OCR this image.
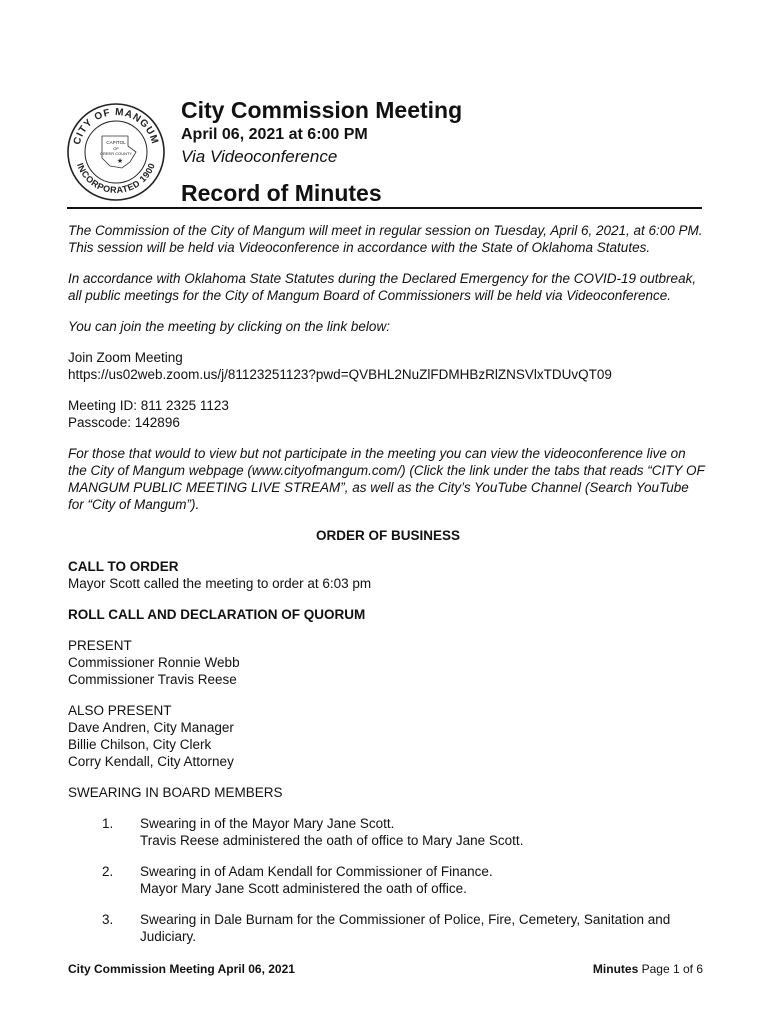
CITY OF MANGUM
INCORPORATED 1900
CAPITOL
OF
GREER COUNTY
★

City Commission Meeting

April 06, 2021 at 6:00 PM

Via Videoconference

Record of Minutes

The Commission of the City of Mangum will meet in regular session on Tuesday, April 6, 2021, at 6:00 PM. This session will be held via Videoconference in accordance with the State of Oklahoma Statutes.

In accordance with Oklahoma State Statutes during the Declared Emergency for the COVID-19 outbreak, all public meetings for the City of Mangum Board of Commissioners will be held via Videoconference.

You can join the meeting by clicking on the link below:

Join Zoom Meeting
https://us02web.zoom.us/j/81123251123?pwd=QVBHL2NuZlFDMHBzRlZNSVlxTDUvQT09

Meeting ID: 811 2325 1123
Passcode: 142896

For those that would to view but not participate in the meeting you can view the videoconference live on the City of Mangum webpage (www.cityofmangum.com/) (Click the link under the tabs that reads “CITY OF MANGUM PUBLIC MEETING LIVE STREAM”, as well as the City’s YouTube Channel (Search YouTube for “City of Mangum”).

ORDER OF BUSINESS

CALL TO ORDER
Mayor Scott called the meeting to order at 6:03 pm

ROLL CALL AND DECLARATION OF QUORUM

PRESENT
Commissioner Ronnie Webb
Commissioner Travis Reese

ALSO PRESENT
Dave Andren, City Manager
Billie Chilson, City Clerk
Corry Kendall, City Attorney

SWEARING IN BOARD MEMBERS

1.	Swearing in of the Mayor Mary Jane Scott.
Travis Reese administered the oath of office to Mary Jane Scott.
2.	Swearing in of Adam Kendall for Commissioner of Finance.
Mayor Mary Jane Scott administered the oath of office.
3.	Swearing in Dale Burnam for the Commissioner of Police, Fire, Cemetery, Sanitation and Judiciary.
City Commission Meeting April 06, 2021	Minutes Page 1 of 6
